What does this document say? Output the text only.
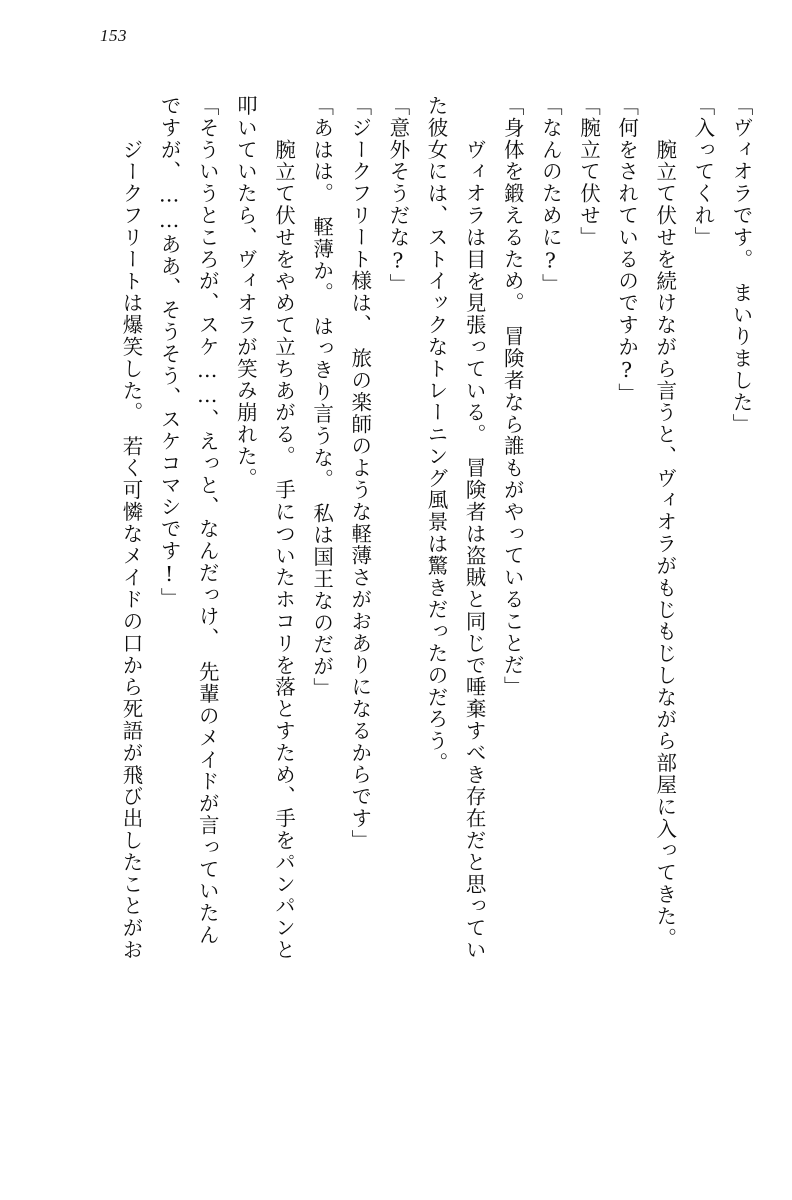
153
「ヴィオラです。　まいりました」
「入ってくれ」
　腕立て伏せを続けながら言うと、ヴィオラがもじもじしながら部屋に入ってきた。
「何をされているのですか?」
「腕立て伏せ」
「なんのために?」
「身体を鍛えるため。　冒険者なら誰もがやっていることだ」
　ヴィオラは目を見張っている。　冒険者は盗賊と同じで唾棄すべき存在だと思ってい
た彼女には、ストイックなトレーニング風景は驚きだったのだろう。
「意外そうだな?」
「ジークフリート様は、　旅の楽師のような軽薄さがおありになるからです」
「あはは。　軽薄か。　はっきり言うな。　私は国王なのだが」
　腕立て伏せをやめて立ちあがる。　手についたホコリを落とすため、手をパンパンと
叩いていたら、ヴィオラが笑み崩れた。
「そういうところが、スケ……、えっと、なんだっけ、　先輩のメイドが言っていたん
ですが、……ああ、そうそう、スケコマシです!」
　ジークフリートは爆笑した。　若く可憐なメイドの口から死語が飛び出したことがお
